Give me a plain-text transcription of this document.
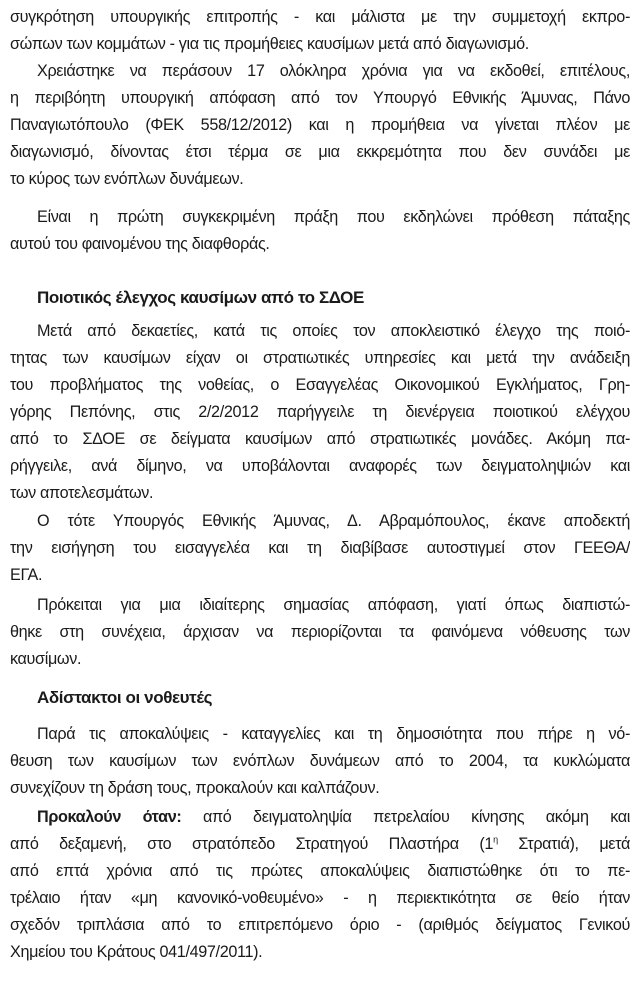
συγκρότηση υπουργικής επιτροπής - και μάλιστα με την συμμετοχή εκπρο-
σώπων των κομμάτων - για τις προμήθειες καυσίμων μετά από διαγωνισμό.
Χρειάστηκε να περάσουν 17 ολόκληρα χρόνια για να εκδοθεί, επιτέλους,
η περιβόητη υπουργική απόφαση από τον Υπουργό Εθνικής Άμυνας, Πάνο
Παναγιωτόπουλο (ΦΕΚ 558/12/2012) και η προμήθεια να γίνεται πλέον με
διαγωνισμό, δίνοντας έτσι τέρμα σε μια εκκρεμότητα που δεν συνάδει με
το κύρος των ενόπλων δυνάμεων.
Είναι η πρώτη συγκεκριμένη πράξη που εκδηλώνει πρόθεση πάταξης
αυτού του φαινομένου της διαφθοράς.
Ποιοτικός έλεγχος καυσίμων από το ΣΔΟΕ
Μετά από δεκαετίες, κατά τις οποίες τον αποκλειστικό έλεγχο της ποιό-
τητας των καυσίμων είχαν οι στρατιωτικές υπηρεσίες και μετά την ανάδειξη
του προβλήματος της νοθείας, ο Εσαγγελέας Οικονομικού Εγκλήματος, Γρη-
γόρης Πεπόνης, στις 2/2/2012 παρήγγειλε τη διενέργεια ποιοτικού ελέγχου
από το ΣΔΟΕ σε δείγματα καυσίμων από στρατιωτικές μονάδες. Ακόμη πα-
ρήγγειλε, ανά δίμηνο, να υποβάλονται αναφορές των δειγματοληψιών και
των αποτελεσμάτων.
Ο τότε Υπουργός Εθνικής Άμυνας, Δ. Αβραμόπουλος, έκανε αποδεκτή
την εισήγηση του εισαγγελέα και τη διαβίβασε αυτοστιγμεί στον ΓΕΕΘΑ/
ΕΓΑ.
Πρόκειται για μια ιδιαίτερης σημασίας απόφαση, γιατί όπως διαπιστώ-
θηκε στη συνέχεια, άρχισαν να περιορίζονται τα φαινόμενα νόθευσης των
καυσίμων.
Αδίστακτοι οι νοθευτές
Παρά τις αποκαλύψεις - καταγγελίες και τη δημοσιότητα που πήρε η νό-
θευση των καυσίμων των ενόπλων δυνάμεων από το 2004, τα κυκλώματα
συνεχίζουν τη δράση τους, προκαλούν και καλπάζουν.
Προκαλούν όταν: από δειγματοληψία πετρελαίου κίνησης ακόμη και
από δεξαμενή, στο στρατόπεδο Στρατηγού Πλαστήρα ($1^\eta$ Στρατιά), μετά
από επτά χρόνια από τις πρώτες αποκαλύψεις διαπιστώθηκε ότι το πε-
τρέλαιο ήταν «μη κανονικό-νοθευμένο» - η περιεκτικότητα σε θείο ήταν
σχεδόν τριπλάσια από το επιτρεπόμενο όριο - (αριθμός δείγματος Γενικού
Χημείου του Κράτους 041/497/2011).
